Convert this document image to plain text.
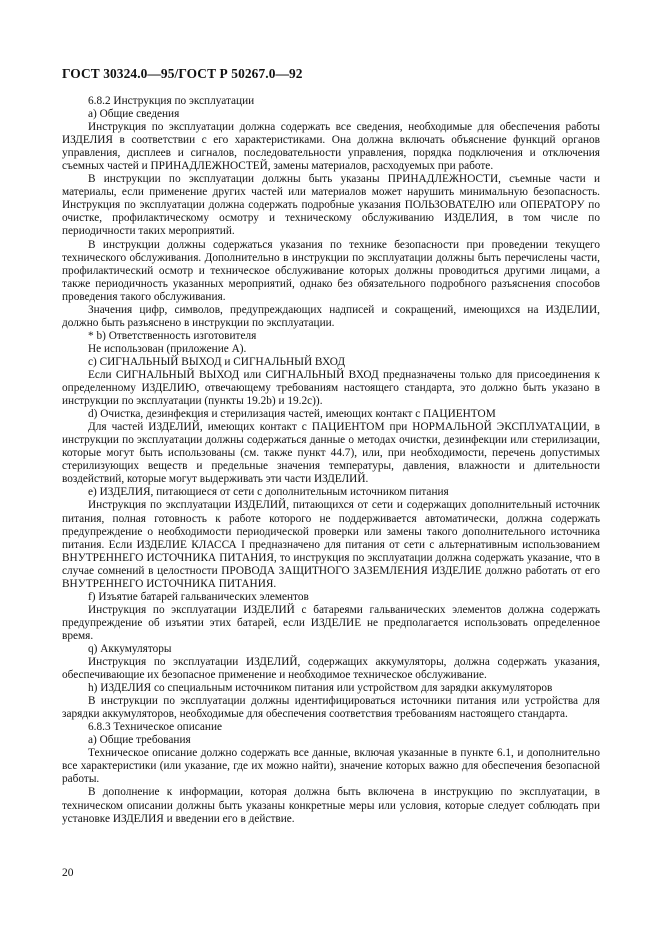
ГОСТ 30324.0—95/ГОСТ Р 50267.0—92

6.8.2 Инструкция по эксплуатации

а) Общие сведения

Инструкция по эксплуатации должна содержать все сведения, необходимые для обеспечения работы ИЗДЕЛИЯ в соответствии с его характеристиками. Она должна включать объяснение функций органов управления, дисплеев и сигналов, последовательности управления, порядка подключения и отключения съемных частей и ПРИНАДЛЕЖНОСТЕЙ, замены материалов, расходуемых при работе.

В инструкции по эксплуатации должны быть указаны ПРИНАДЛЕЖНОСТИ, съемные части и материалы, если применение других частей или материалов может нарушить минимальную безопасность. Инструкция по эксплуатации должна содержать подробные указания ПОЛЬЗОВАТЕЛЮ или ОПЕРАТОРУ по очистке, профилактическому осмотру и техническому обслуживанию ИЗДЕЛИЯ, в том числе по периодичности таких мероприятий.

В инструкции должны содержаться указания по технике безопасности при проведении текущего технического обслуживания. Дополнительно в инструкции по эксплуатации должны быть перечислены части, профилактический осмотр и техническое обслуживание которых должны проводиться другими лицами, а также периодичность указанных мероприятий, однако без обязательного подробного разъяснения способов проведения такого обслуживания.

Значения цифр, символов, предупреждающих надписей и сокращений, имеющихся на ИЗДЕЛИИ, должно быть разъяснено в инструкции по эксплуатации.

* b) Ответственность изготовителя

Не использован (приложение А).

c) СИГНАЛЬНЫЙ ВЫХОД и СИГНАЛЬНЫЙ ВХОД

Если СИГНАЛЬНЫЙ ВЫХОД или СИГНАЛЬНЫЙ ВХОД предназначены только для присоединения к определенному ИЗДЕЛИЮ, отвечающему требованиям настоящего стандарта, это должно быть указано в инструкции по эксплуатации (пункты 19.2b) и 19.2с)).

d) Очистка, дезинфекция и стерилизация частей, имеющих контакт с ПАЦИЕНТОМ

Для частей ИЗДЕЛИЙ, имеющих контакт с ПАЦИЕНТОМ при НОРМАЛЬНОЙ ЭКСПЛУАТАЦИИ, в инструкции по эксплуатации должны содержаться данные о методах очистки, дезинфекции или стерилизации, которые могут быть использованы (см. также пункт 44.7), или, при необходимости, перечень допустимых стерилизующих веществ и предельные значения температуры, давления, влажности и длительности воздействий, которые могут выдерживать эти части ИЗДЕЛИЙ.

e) ИЗДЕЛИЯ, питающиеся от сети с дополнительным источником питания

Инструкция по эксплуатации ИЗДЕЛИЙ, питающихся от сети и содержащих дополнительный источник питания, полная готовность к работе которого не поддерживается автоматически, должна содержать предупреждение о необходимости периодической проверки или замены такого дополнительного источника питания. Если ИЗДЕЛИЕ КЛАССА I предназначено для питания от сети с альтернативным использованием ВНУТРЕННЕГО ИСТОЧНИКА ПИТАНИЯ, то инструкция по эксплуатации должна содержать указание, что в случае сомнений в целостности ПРОВОДА ЗАЩИТНОГО ЗАЗЕМЛЕНИЯ ИЗДЕЛИЕ должно работать от его ВНУТРЕННЕГО ИСТОЧНИКА ПИТАНИЯ.

f) Изъятие батарей гальванических элементов

Инструкция по эксплуатации ИЗДЕЛИЙ с батареями гальванических элементов должна содержать предупреждение об изъятии этих батарей, если ИЗДЕЛИЕ не предполагается использовать определенное время.

q) Аккумуляторы

Инструкция по эксплуатации ИЗДЕЛИЙ, содержащих аккумуляторы, должна содержать указания, обеспечивающие их безопасное применение и необходимое техническое обслуживание.

h) ИЗДЕЛИЯ со специальным источником питания или устройством для зарядки аккумуляторов

В инструкции по эксплуатации должны идентифицироваться источники питания или устройства для зарядки аккумуляторов, необходимые для обеспечения соответствия требованиям настоящего стандарта.

6.8.3 Техническое описание

а) Общие требования

Техническое описание должно содержать все данные, включая указанные в пункте 6.1, и дополнительно все характеристики (или указание, где их можно найти), значение которых важно для обеспечения безопасной работы.

В дополнение к информации, которая должна быть включена в инструкцию по эксплуатации, в техническом описании должны быть указаны конкретные меры или условия, которые следует соблюдать при установке ИЗДЕЛИЯ и введении его в действие.

20
